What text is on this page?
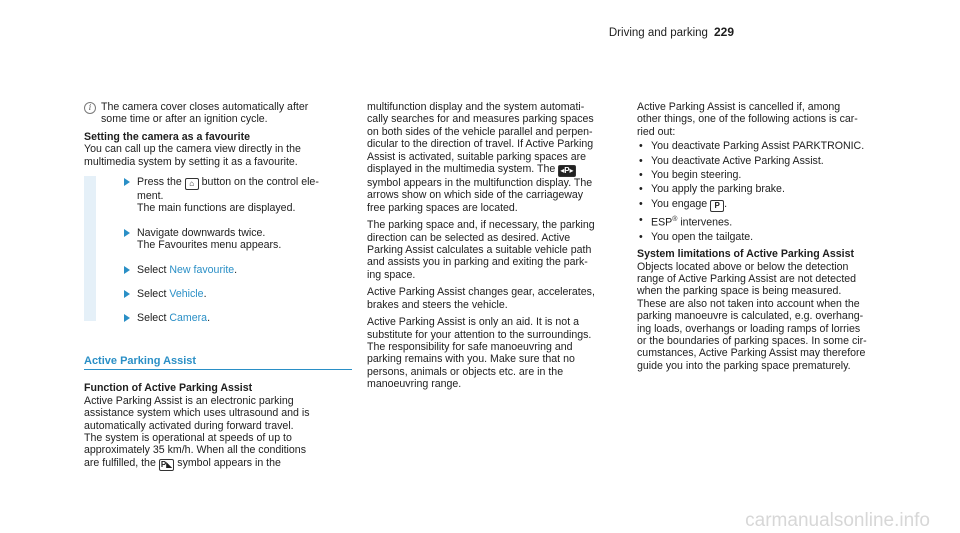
Driving and parking 229
i The camera cover closes automatically after

some time or after an ignition cycle.

Setting the camera as a favourite

You can call up the camera view directly in the

multimedia system by setting it as a favourite.

Press the ⌂ button on the control ele-

ment.

The main functions are displayed.

Navigate downwards twice.

The Favourites menu appears.

Select New favourite.

Select Vehicle.

Select Camera.

Active Parking Assist

Function of Active Parking Assist

Active Parking Assist is an electronic parking

assistance system which uses ultrasound and is

automatically activated during forward travel.

The system is operational at speeds of up to

approximately 35 km/h. When all the conditions

are fulfilled, the P◣ symbol appears in the

multifunction display and the system automati-

cally searches for and measures parking spaces

on both sides of the vehicle parallel and perpen-

dicular to the direction of travel. If Active Parking

Assist is activated, suitable parking spaces are

displayed in the multimedia system. The ◂P▸

symbol appears in the multifunction display. The

arrows show on which side of the carriageway

free parking spaces are located.

The parking space and, if necessary, the parking

direction can be selected as desired. Active

Parking Assist calculates a suitable vehicle path

and assists you in parking and exiting the park-

ing space.

Active Parking Assist changes gear, accelerates,

brakes and steers the vehicle.

Active Parking Assist is only an aid. It is not a

substitute for your attention to the surroundings.

The responsibility for safe manoeuvring and

parking remains with you. Make sure that no

persons, animals or objects etc. are in the

manoeuvring range.

Active Parking Assist is cancelled if, among

other things, one of the following actions is car-

ried out:

• You deactivate Parking Assist PARKTRONIC.
• You deactivate Active Parking Assist.
• You begin steering.
• You apply the parking brake.
• You engage P .
• ESP® intervenes.
• You open the tailgate.

System limitations of Active Parking Assist

Objects located above or below the detection

range of Active Parking Assist are not detected

when the parking space is being measured.

These are also not taken into account when the

parking manoeuvre is calculated, e.g. overhang-

ing loads, overhangs or loading ramps of lorries

or the boundaries of parking spaces. In some cir-

cumstances, Active Parking Assist may therefore

guide you into the parking space prematurely.

carmanualsonline.info
